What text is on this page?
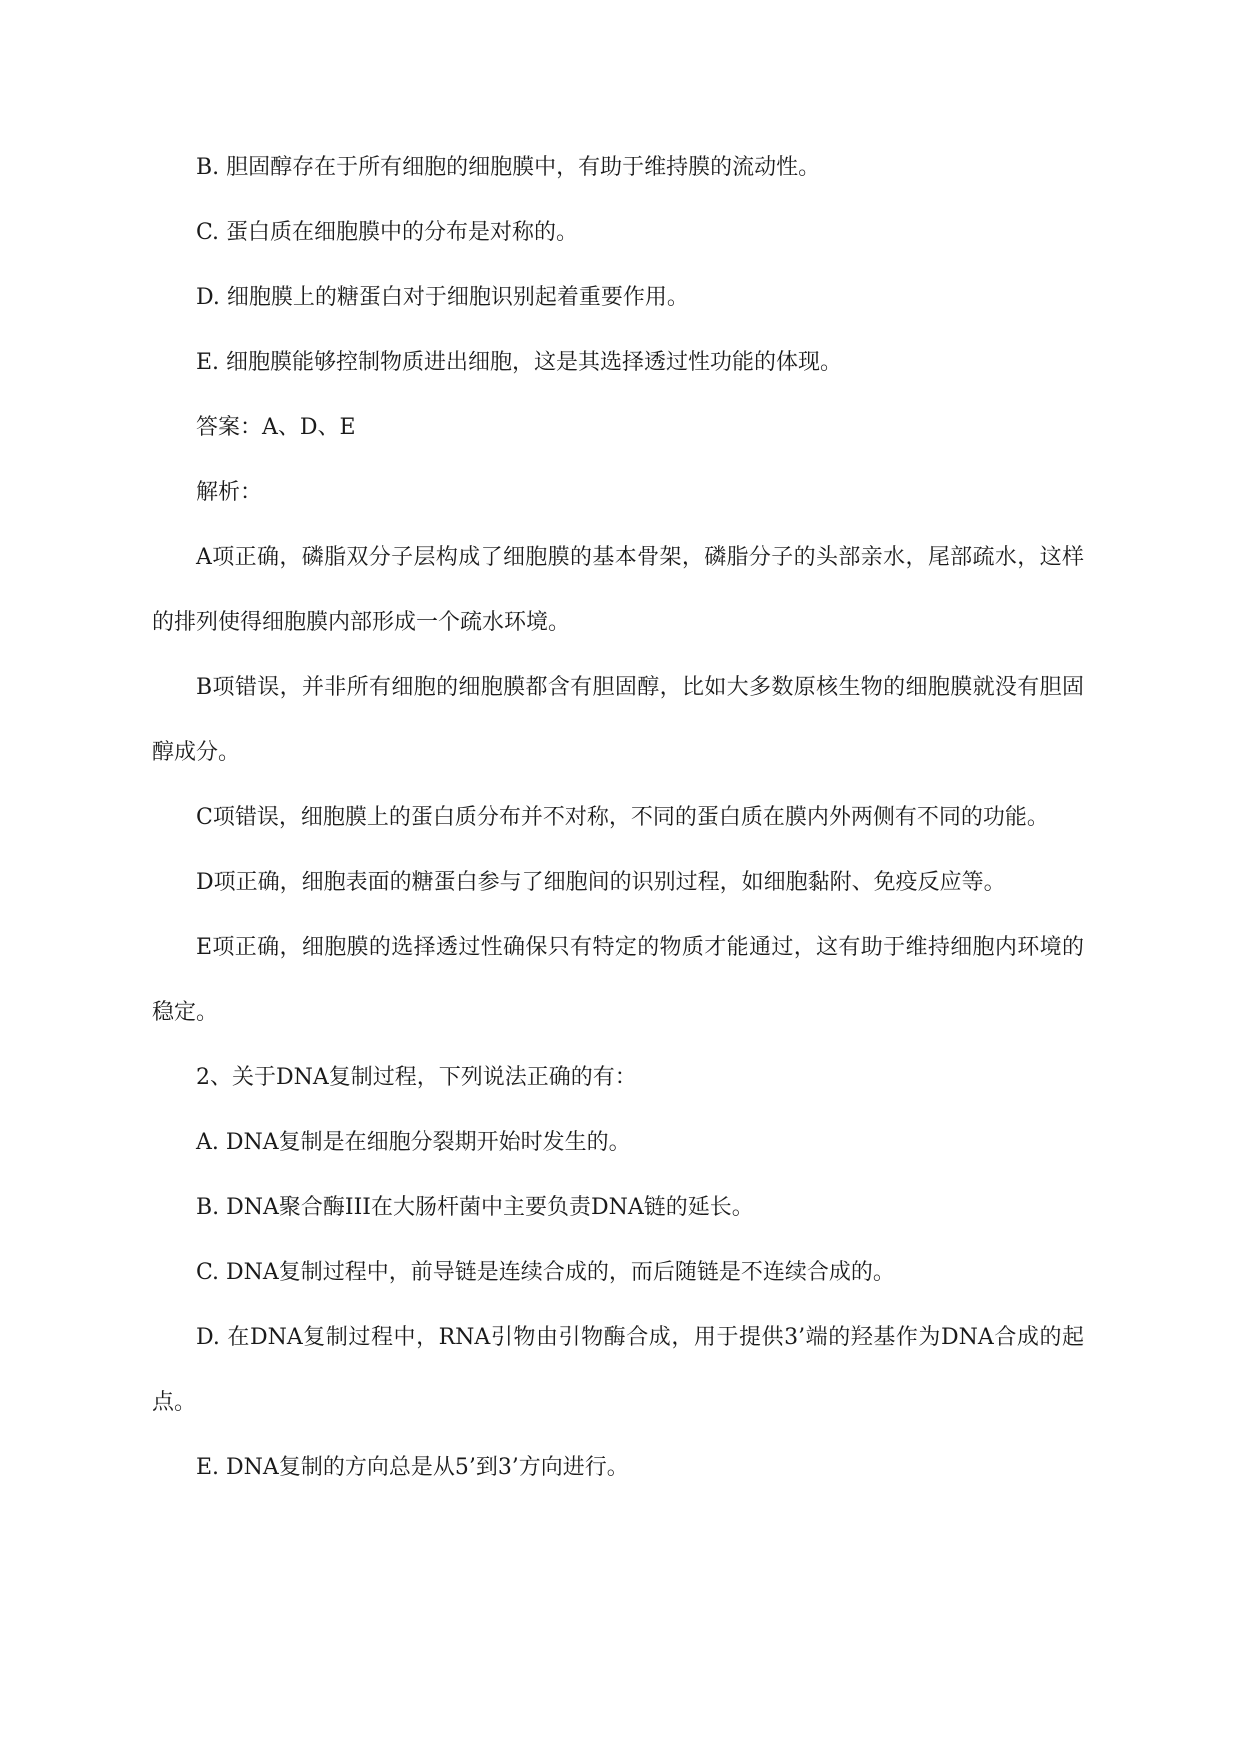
B. 胆固醇存在于所有细胞的细胞膜中，有助于维持膜的流动性。

C. 蛋白质在细胞膜中的分布是对称的。

D. 细胞膜上的糖蛋白对于细胞识别起着重要作用。

E. 细胞膜能够控制物质进出细胞，这是其选择透过性功能的体现。

答案：A、D、E

解析：

A项正确，磷脂双分子层构成了细胞膜的基本骨架，磷脂分子的头部亲水，尾部疏水，这样的排列使得细胞膜内部形成一个疏水环境。

B项错误，并非所有细胞的细胞膜都含有胆固醇，比如大多数原核生物的细胞膜就没有胆固醇成分。

C项错误，细胞膜上的蛋白质分布并不对称，不同的蛋白质在膜内外两侧有不同的功能。

D项正确，细胞表面的糖蛋白参与了细胞间的识别过程，如细胞黏附、免疫反应等。

E项正确，细胞膜的选择透过性确保只有特定的物质才能通过，这有助于维持细胞内环境的稳定。

2、关于DNA复制过程，下列说法正确的有：

A. DNA复制是在细胞分裂期开始时发生的。

B. DNA聚合酶III在大肠杆菌中主要负责DNA链的延长。

C. DNA复制过程中，前导链是连续合成的，而后随链是不连续合成的。

D. 在DNA复制过程中，RNA引物由引物酶合成，用于提供3’端的羟基作为DNA合成的起点。

E. DNA复制的方向总是从5’到3’方向进行。
